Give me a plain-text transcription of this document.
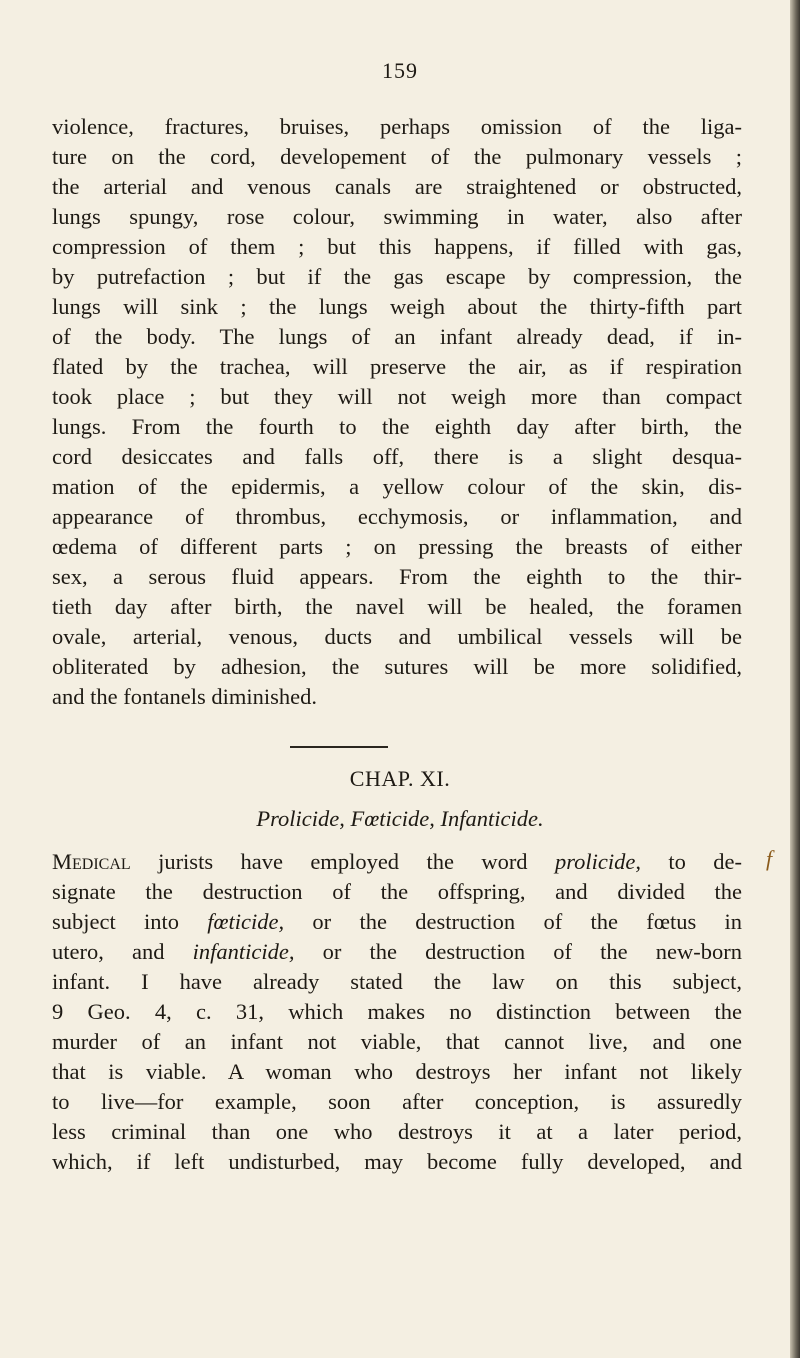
159
violence, fractures, bruises, perhaps omission of the liga-
ture on the cord, developement of the pulmonary vessels ;
the arterial and venous canals are straightened or obstructed,
lungs spungy, rose colour, swimming in water, also after
compression of them ; but this happens, if filled with gas,
by putrefaction ; but if the gas escape by compression, the
lungs will sink ; the lungs weigh about the thirty-fifth part
of the body. The lungs of an infant already dead, if in-
flated by the trachea, will preserve the air, as if respiration
took place ; but they will not weigh more than compact
lungs. From the fourth to the eighth day after birth, the
cord desiccates and falls off, there is a slight desqua-
mation of the epidermis, a yellow colour of the skin, dis-
appearance of thrombus, ecchymosis, or inflammation, and
œdema of different parts ; on pressing the breasts of either
sex, a serous fluid appears. From the eighth to the thir-
tieth day after birth, the navel will be healed, the foramen
ovale, arterial, venous, ducts and umbilical vessels will be
obliterated by adhesion, the sutures will be more solidified,
and the fontanels diminished.
CHAP. XI.
Prolicide, Fœticide, Infanticide.
f
Medical jurists have employed the word prolicide, to de-
signate the destruction of the offspring, and divided the
subject into fœticide, or the destruction of the fœtus in
utero, and infanticide, or the destruction of the new-born
infant. I have already stated the law on this subject,
9 Geo. 4, c. 31, which makes no distinction between the
murder of an infant not viable, that cannot live, and one
that is viable. A woman who destroys her infant not likely
to live—for example, soon after conception, is assuredly
less criminal than one who destroys it at a later period,
which, if left undisturbed, may become fully developed, and
